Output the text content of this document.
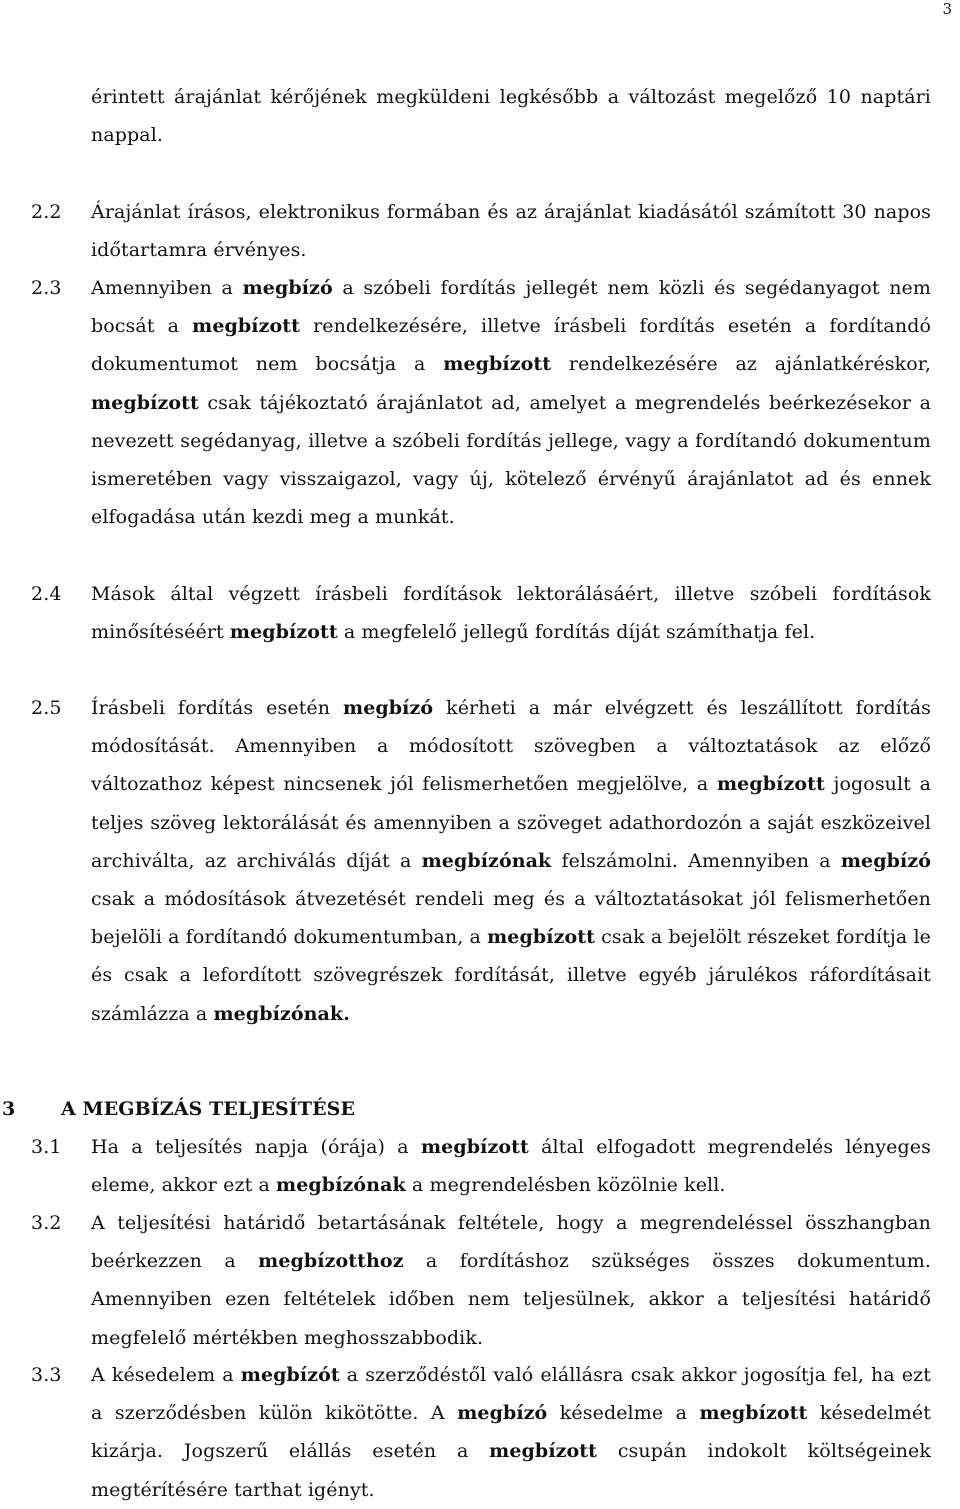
3

érintett árajánlat kérőjének megküldeni legkésőbb a változást megelőző 10 naptári nappal.

2.2	Árajánlat írásos, elektronikus formában és az árajánlat kiadásától számított 30 napos időtartamra érvényes.

2.3	Amennyiben a megbízó a szóbeli fordítás jellegét nem közli és segédanyagot nem bocsát a megbízott rendelkezésére, illetve írásbeli fordítás esetén a fordítandó dokumentumot nem bocsátja a megbízott rendelkezésére az ajánlatkéréskor, megbízott csak tájékoztató árajánlatot ad, amelyet a megrendelés beérkezésekor a nevezett segédanyag, illetve a szóbeli fordítás jellege, vagy a fordítandó dokumentum ismeretében vagy visszaigazol, vagy új, kötelező érvényű árajánlatot ad és ennek elfogadása után kezdi meg a munkát.

2.4	Mások által végzett írásbeli fordítások lektorálásáért, illetve szóbeli fordítások minősítéséért megbízott a megfelelő jellegű fordítás díját számíthatja fel.

2.5	Írásbeli fordítás esetén megbízó kérheti a már elvégzett és leszállított fordítás módosítását. Amennyiben a módosított szövegben a változtatások az előző változathoz képest nincsenek jól felismerhetően megjelölve, a megbízott jogosult a teljes szöveg lektorálását és amennyiben a szöveget adathordozón a saját eszközeivel archiválta, az archiválás díját a megbízónak felszámolni. Amennyiben a megbízó csak a módosítások átvezetését rendeli meg és a változtatásokat jól felismerhetően bejelöli a fordítandó dokumentumban, a megbízott csak a bejelölt részeket fordítja le és csak a lefordított szövegrészek fordítását, illetve egyéb járulékos ráfordításait számlázza a megbízónak.

3 A MEGBÍZÁS TELJESÍTÉSE

3.1	Ha a teljesítés napja (órája) a megbízott által elfogadott megrendelés lényeges eleme, akkor ezt a megbízónak a megrendelésben közölnie kell.

3.2	A teljesítési határidő betartásának feltétele, hogy a megrendeléssel összhangban beérkezzen a megbízotthoz a fordításhoz szükséges összes dokumentum. Amennyiben ezen feltételek időben nem teljesülnek, akkor a teljesítési határidő megfelelő mértékben meghosszabbodik.

3.3	A késedelem a megbízót a szerződéstől való elállásra csak akkor jogosítja fel, ha ezt a szerződésben külön kikötötte. A megbízó késedelme a megbízott késedelmét kizárja. Jogszerű elállás esetén a megbízott csupán indokolt költségeinek megtérítésére tarthat igényt.
